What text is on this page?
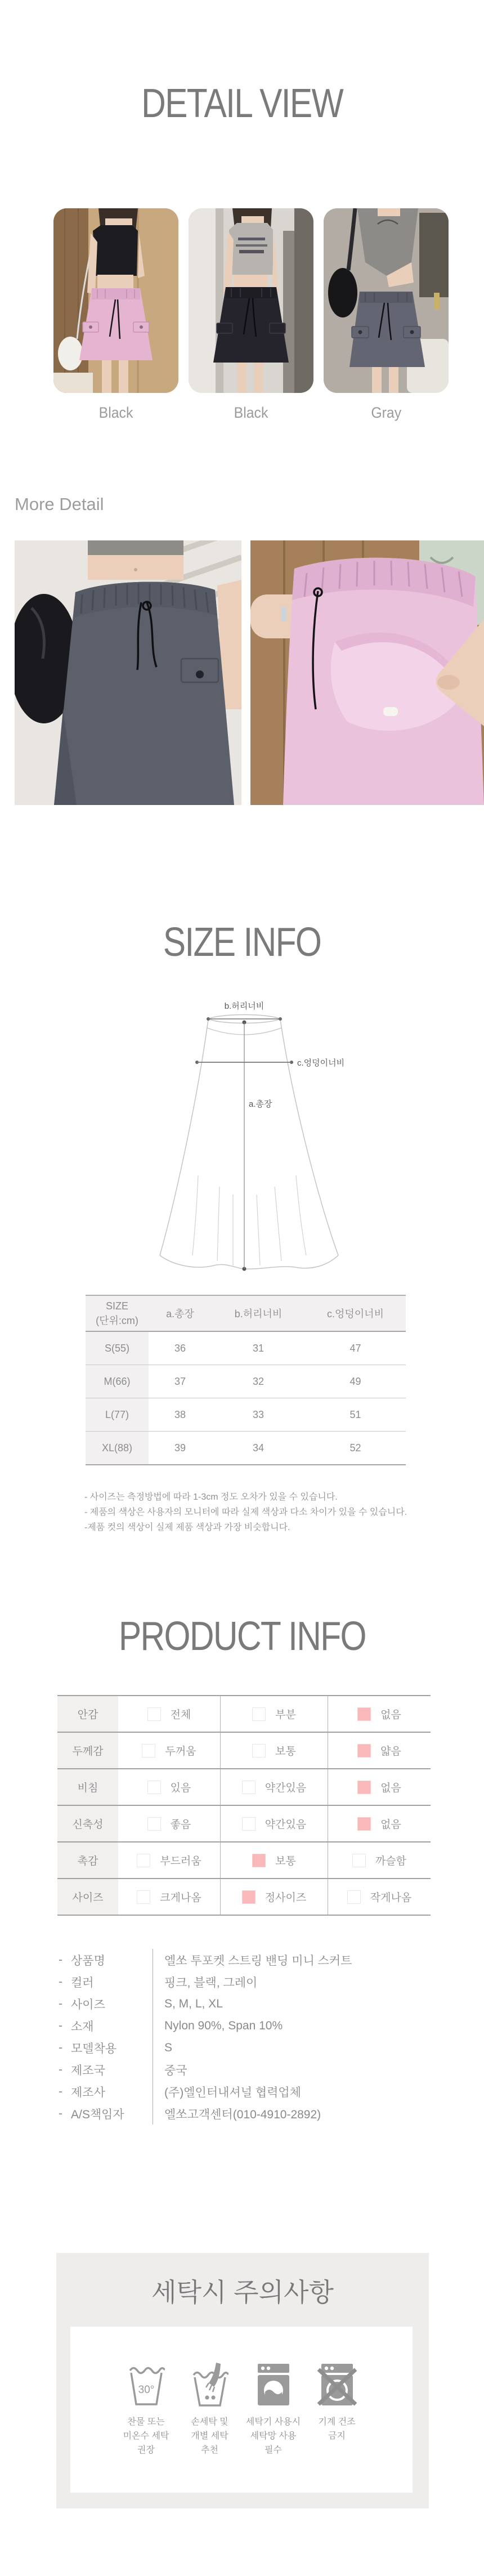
DETAIL VIEW
Black	Black	Gray
More Detail
SIZE INFO
b.허리너비
a.총장
c.엉덩이너비
SIZE
(단위:cm)
a.총장	b.허리너비	c.엉덩이너비
S(55)	36	31	47
M(66)	37	32	49
L(77)	38	33	51
XL(88)	39	34	52
- 사이즈는 측정방법에 따라 1-3cm 정도 오차가 있을 수 있습니다.
- 제품의 색상은 사용자의 모니터에 따라 실제 색상과 다소 차이가 있을 수 있습니다.
-제품 컷의 색상이 실제 제품 색상과 가장 비슷합니다.
PRODUCT INFO
안감	전체	부분	없음
두께감	두꺼움	보통	얇음
비침	있음	약간있음	없음
신축성	좋음	약간있음	없음
촉감	부드러움	보통	까슬함
사이즈	크게나옴	정사이즈	작게나옴
- 상품명	엘쏘 투포켓 스트링 밴딩 미니 스커트
- 컬러	핑크, 블랙, 그레이
- 사이즈	S, M, L, XL
- 소재	Nylon 90%, Span 10%
- 모델착용	S
- 제조국	중국
- 제조사	(주)엘인터내셔널 협력업체
- A/S책임자	엘쏘고객센터(010-4910-2892)
세탁시 주의사항
30°
찬물 또는
미온수 세탁
권장
손세탁 및
개별 세탁
추천
세탁기 사용시
세탁망 사용
필수
기계 건조
금지
